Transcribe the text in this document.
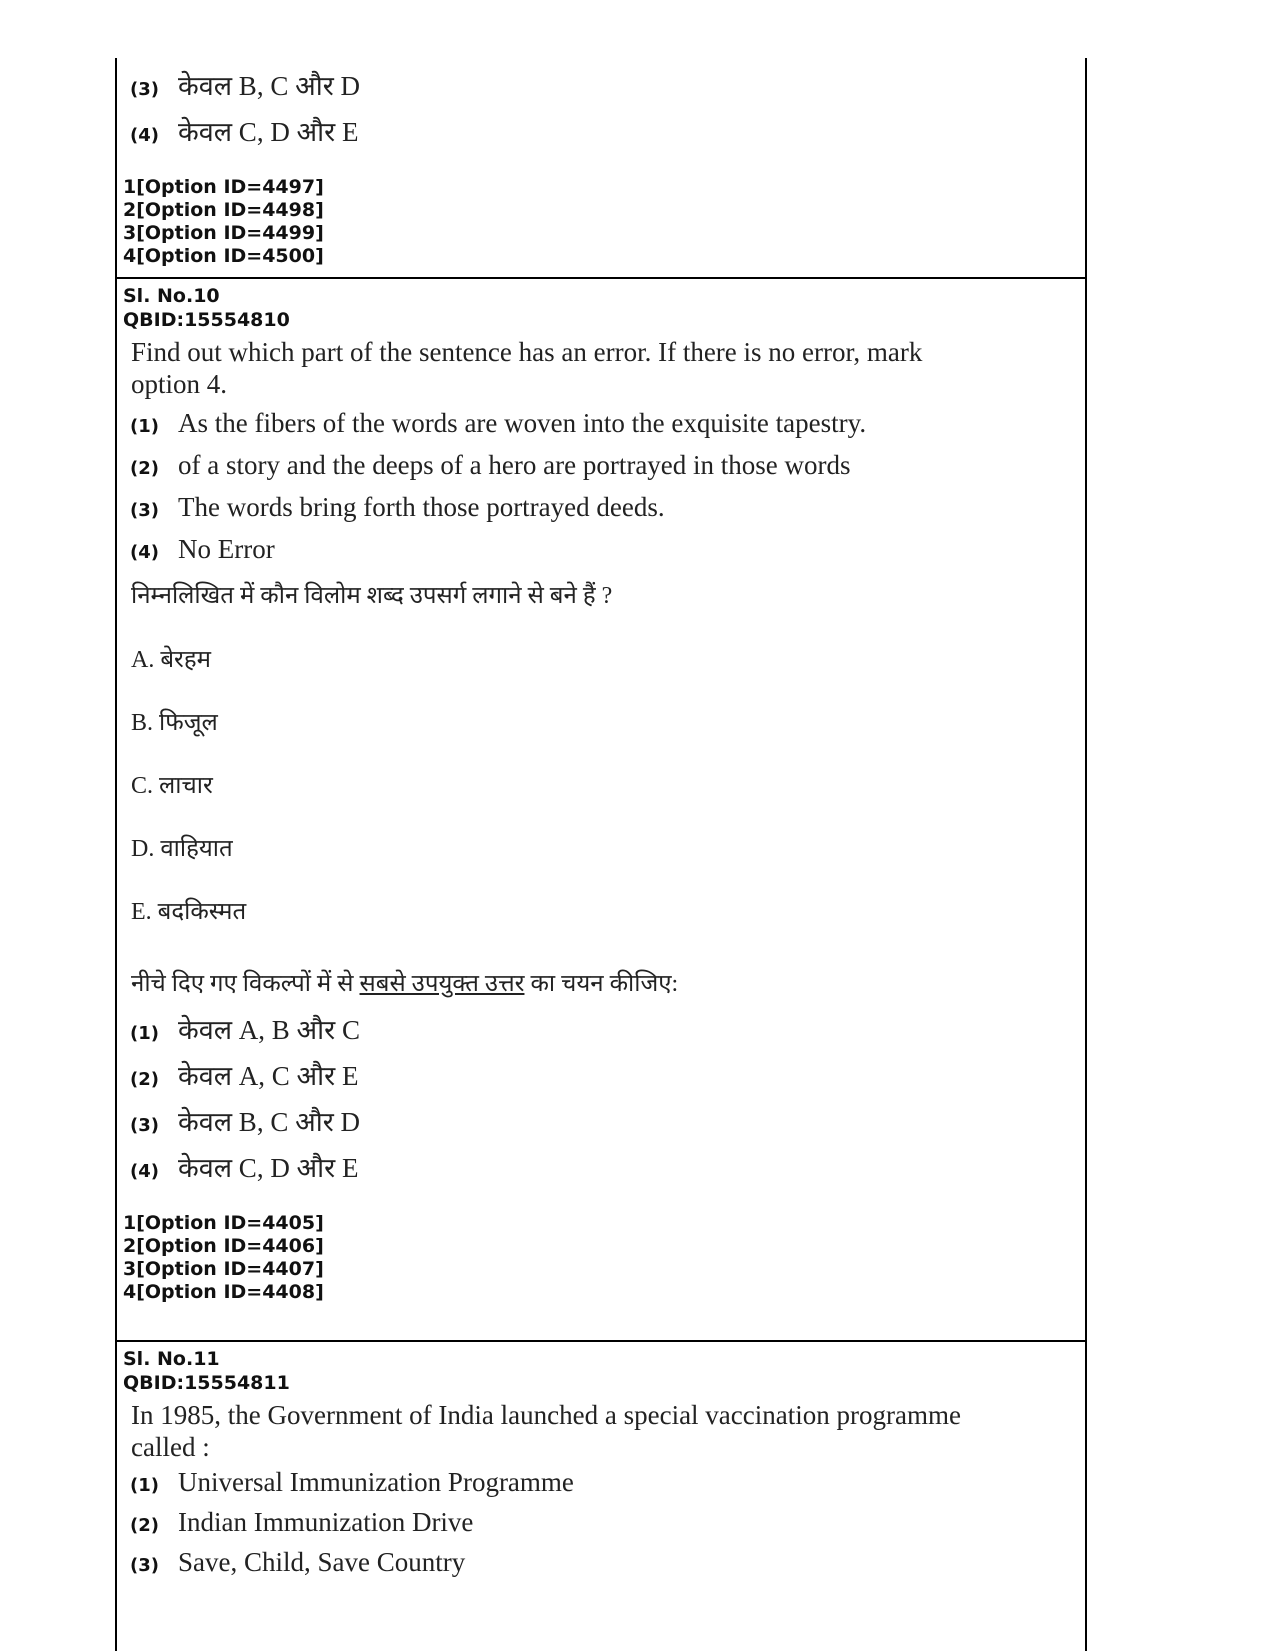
(3) केवल B, C और D
(4) केवल C, D और E
1[Option ID=4497]
2[Option ID=4498]
3[Option ID=4499]
4[Option ID=4500]
Sl. No.10
QBID:15554810
Find out which part of the sentence has an error. If there is no error, mark
option 4.
(1) As the fibers of the words are woven into the exquisite tapestry.
(2) of a story and the deeps of a hero are portrayed in those words
(3) The words bring forth those portrayed deeds.
(4) No Error
निम्नलिखित में कौन विलोम शब्द उपसर्ग लगाने से बने हैं ?
A. बेरहम
B. फिजूल
C. लाचार
D. वाहियात
E. बदकिस्मत
नीचे दिए गए विकल्पों में से सबसे उपयुक्त उत्तर का चयन कीजिए:
(1) केवल A, B और C
(2) केवल A, C और E
(3) केवल B, C और D
(4) केवल C, D और E
1[Option ID=4405]
2[Option ID=4406]
3[Option ID=4407]
4[Option ID=4408]
Sl. No.11
QBID:15554811
In 1985, the Government of India launched a special vaccination programme
called :
(1) Universal Immunization Programme
(2) Indian Immunization Drive
(3) Save, Child, Save Country
